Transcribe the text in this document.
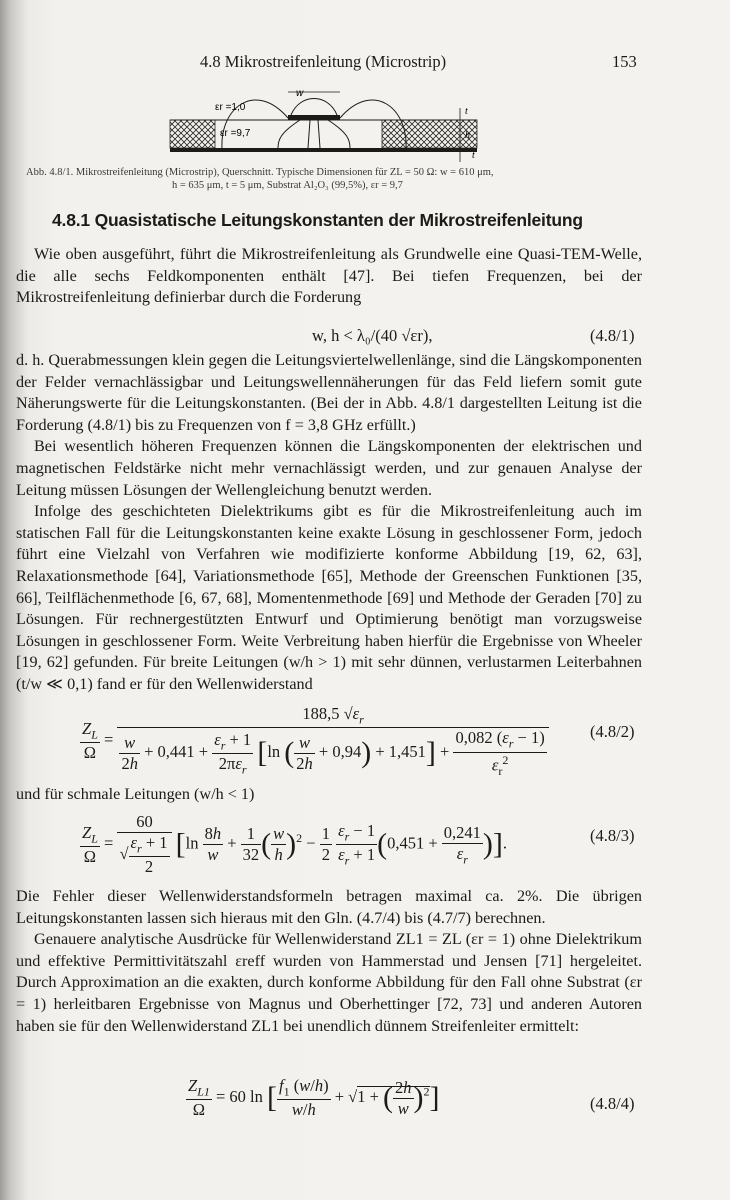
4.8 Mikrostreifenleitung (Microstrip)	153
w
εr =1,0
εr =9,7
t
h
t
Abb. 4.8/1. Mikrostreifenleitung (Microstrip), Querschnitt. Typische Dimensionen für ZL = 50 Ω: w = 610 μm,
h = 635 μm, t = 5 μm, Substrat Al₂O₃ (99,5%), εr = 9,7
4.8.1 Quasistatische Leitungskonstanten der Mikrostreifenleitung

Wie oben ausgeführt, führt die Mikrostreifenleitung als Grundwelle eine Quasi-TEM-Welle, die alle sechs Feldkomponenten enthält [47]. Bei tiefen Frequenzen, bei der Mikrostreifenleitung definierbar durch die Forderung

w, h < λ₀/(40 √εr),	(4.8/1)

d. h. Querabmessungen klein gegen die Leitungsviertelwellenlänge, sind die Längskomponenten der Felder vernachlässigbar und Leitungswellennäherungen für das Feld liefern somit gute Näherungswerte für die Leitungskonstanten. (Bei der in Abb. 4.8/1 dargestellten Leitung ist die Forderung (4.8/1) bis zu Frequenzen von f = 3,8 GHz erfüllt.)

Bei wesentlich höheren Frequenzen können die Längskomponenten der elektrischen und magnetischen Feldstärke nicht mehr vernachlässigt werden, und zur genauen Analyse der Leitung müssen Lösungen der Wellengleichung benutzt werden.

Infolge des geschichteten Dielektrikums gibt es für die Mikrostreifenleitung auch im statischen Fall für die Leitungskonstanten keine exakte Lösung in geschlossener Form, jedoch führt eine Vielzahl von Verfahren wie modifizierte konforme Abbildung [19, 62, 63], Relaxationsmethode [64], Variationsmethode [65], Methode der Greenschen Funktionen [35, 66], Teilflächenmethode [6, 67, 68], Momentenmethode [69] und Methode der Geraden [70] zu Lösungen. Für rechnergestützten Entwurf und Optimierung benötigt man vorzugsweise Lösungen in geschlossener Form. Weite Verbreitung haben hierfür die Ergebnisse von Wheeler [19, 62] gefunden. Für breite Leitungen (w/h > 1) mit sehr dünnen, verlustarmen Leiterbahnen (t/w ≪ 0,1) fand er für den Wellenwiderstand

$\frac{Z_L}{\Omega}$ =
188,5 $√\varepsilon_r$
$\frac{w}{2h} + 0,441 + \frac{\varepsilon_r + 1}{2\pi\varepsilon_r} [\ln$ ( $\frac{w}{2h} + 0,94) + 1,451] + \frac{0,082 (\varepsilon_r - 1)}{\varepsilon_r^2}$	(4.8/2)

und für schmale Leitungen (w/h < 1)

$\frac{Z_L}{\Omega} = \frac{60}{√ \frac{\varepsilon_r + 1}{2}} [\ln \frac{8h}{w} + \frac{1}{32}$ ( $\frac{w}{h} )^2 - \frac{1}{2}$
$\frac{\varepsilon_r - 1}{\varepsilon_r + 1} (0,451 + \frac{0,241}{\varepsilon_r}$ )].	(4.8/3)

Die Fehler dieser Wellenwiderstandsformeln betragen maximal ca. 2%. Die übrigen Leitungskonstanten lassen sich hieraus mit den Gln. (4.7/4) bis (4.7/7) berechnen.

Genauere analytische Ausdrücke für Wellenwiderstand ZL1 = ZL (εr = 1) ohne Dielektrikum und effektive Permittivitätszahl εreff wurden von Hammerstad und Jensen [71] hergeleitet. Durch Approximation an die exakten, durch konforme Abbildung für den Fall ohne Substrat (εr = 1) herleitbaren Ergebnisse von Magnus und Oberhettinger [72, 73] und anderen Autoren haben sie für den Wellenwiderstand ZL1 bei unendlich dünnem Streifenleiter ermittelt:

$\frac{Z_{L1}}{\Omega} = 60$ ln [ $\frac{f_1 (w/h)}{w/h} + √1$ + ( $\frac{2h}{w} )^2$]	(4.8/4)
